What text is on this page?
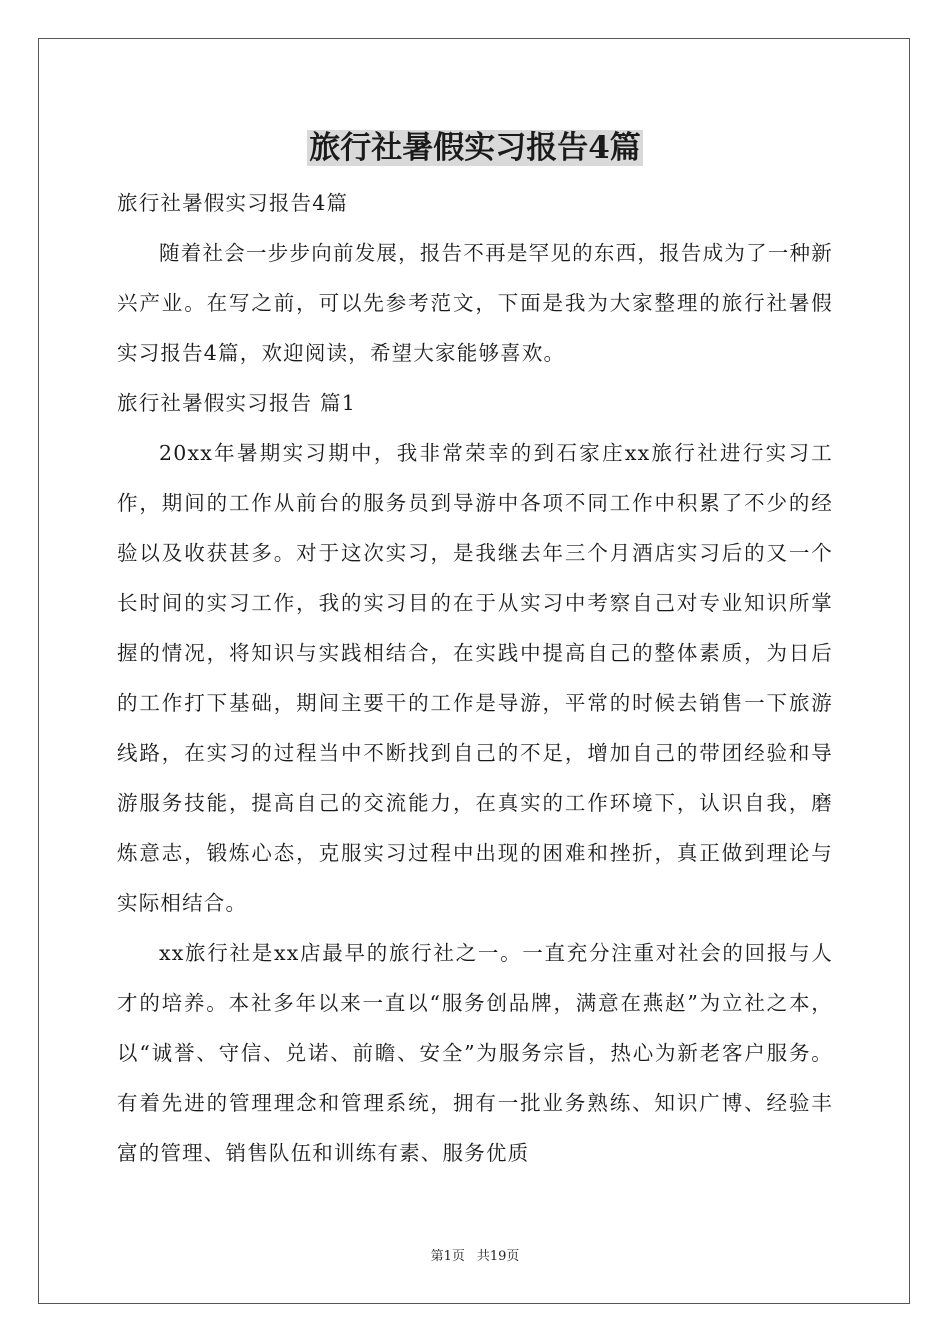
旅行社暑假实习报告4篇

旅行社暑假实习报告4篇

随着社会一步步向前发展，报告不再是罕见的东西，报告成为了一种新兴产业。在写之前，可以先参考范文，下面是我为大家整理的旅行社暑假实习报告4篇，欢迎阅读，希望大家能够喜欢。

旅行社暑假实习报告 篇1

20xx年暑期实习期中，我非常荣幸的到石家庄xx旅行社进行实习工作，期间的工作从前台的服务员到导游中各项不同工作中积累了不少的经验以及收获甚多。对于这次实习，是我继去年三个月酒店实习后的又一个长时间的实习工作，我的实习目的在于从实习中考察自己对专业知识所掌握的情况，将知识与实践相结合，在实践中提高自己的整体素质，为日后的工作打下基础，期间主要干的工作是导游，平常的时候去销售一下旅游线路，在实习的过程当中不断找到自己的不足，增加自己的带团经验和导游服务技能，提高自己的交流能力，在真实的工作环境下，认识自我，磨炼意志，锻炼心态，克服实习过程中出现的困难和挫折，真正做到理论与实际相结合。

xx旅行社是xx店最早的旅行社之一。一直充分注重对社会的回报与人才的培养。本社多年以来一直以“服务创品牌，满意在燕赵”为立社之本，以“诚誉、守信、兑诺、前瞻、安全”为服务宗旨，热心为新老客户服务。有着先进的管理理念和管理系统，拥有一批业务熟练、知识广博、经验丰富的管理、销售队伍和训练有素、服务优质

第1页 共19页
